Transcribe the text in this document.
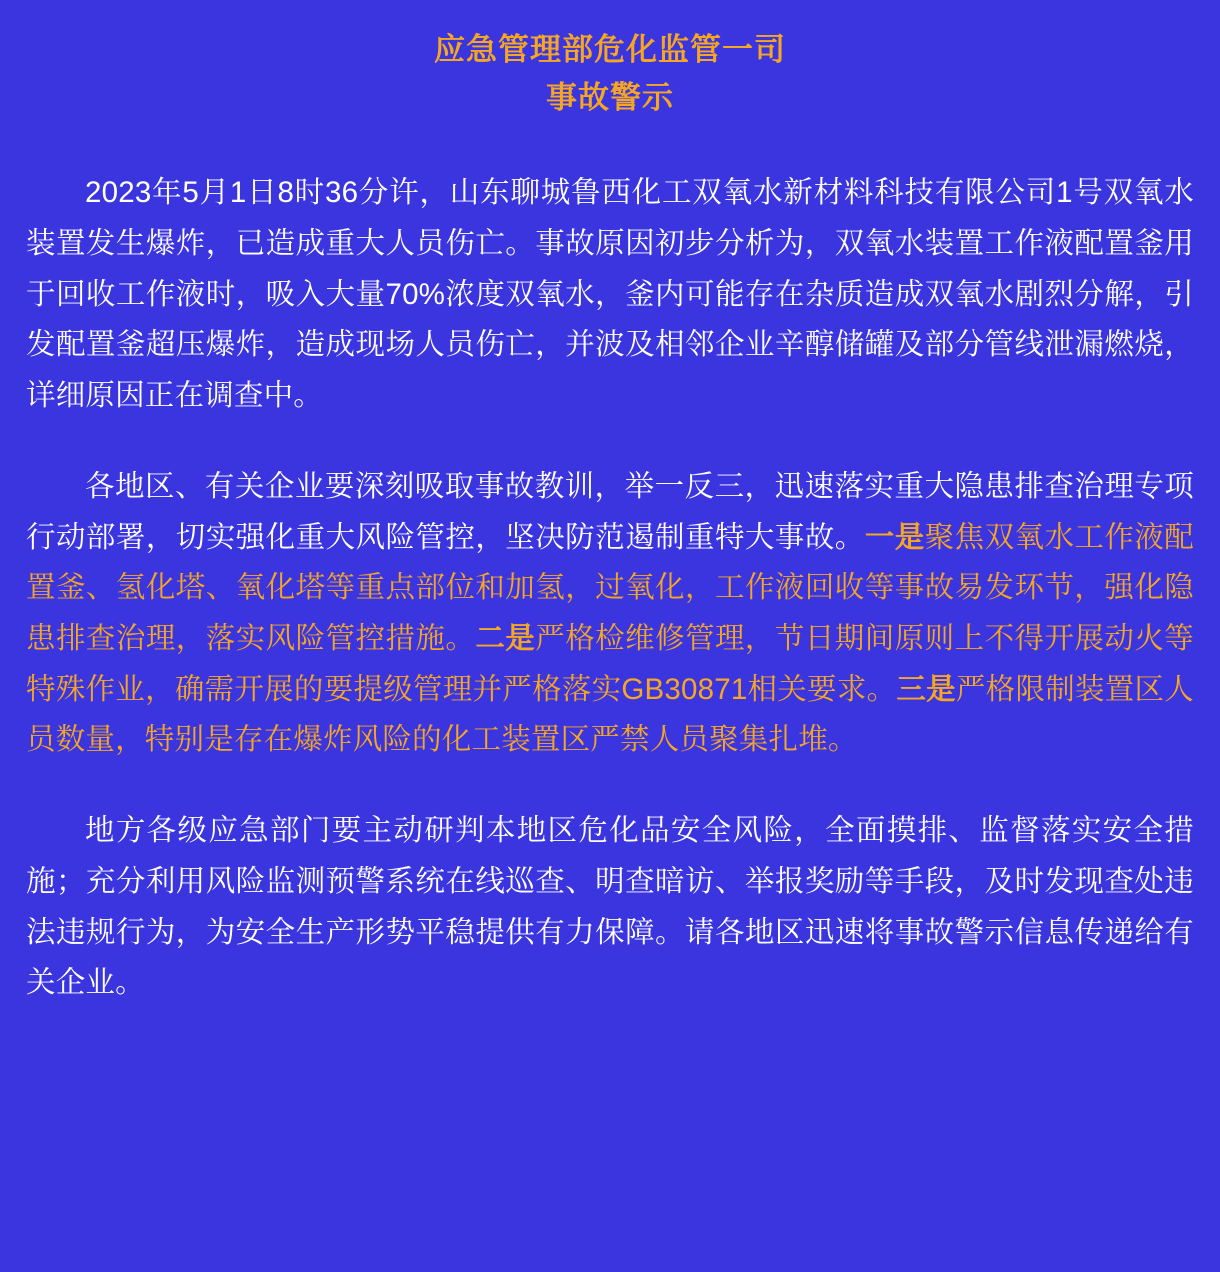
应急管理部危化监管一司
事故警示

2023年5月1日8时36分许，山东聊城鲁西化工双氧水新材料科技有限公司1号双氧水装置发生爆炸，已造成重大人员伤亡。事故原因初步分析为，双氧水装置工作液配置釜用于回收工作液时，吸入大量70%浓度双氧水，釜内可能存在杂质造成双氧水剧烈分解，引发配置釜超压爆炸，造成现场人员伤亡，并波及相邻企业辛醇储罐及部分管线泄漏燃烧，详细原因正在调查中。

各地区、有关企业要深刻吸取事故教训，举一反三，迅速落实重大隐患排查治理专项行动部署，切实强化重大风险管控，坚决防范遏制重特大事故。一是聚焦双氧水工作液配置釜、氢化塔、氧化塔等重点部位和加氢，过氧化，工作液回收等事故易发环节，强化隐患排查治理，落实风险管控措施。二是严格检维修管理，节日期间原则上不得开展动火等特殊作业，确需开展的要提级管理并严格落实GB30871相关要求。三是严格限制装置区人员数量，特别是存在爆炸风险的化工装置区严禁人员聚集扎堆。

地方各级应急部门要主动研判本地区危化品安全风险，全面摸排、监督落实安全措施；充分利用风险监测预警系统在线巡查、明查暗访、举报奖励等手段，及时发现查处违法违规行为，为安全生产形势平稳提供有力保障。请各地区迅速将事故警示信息传递给有关企业。
